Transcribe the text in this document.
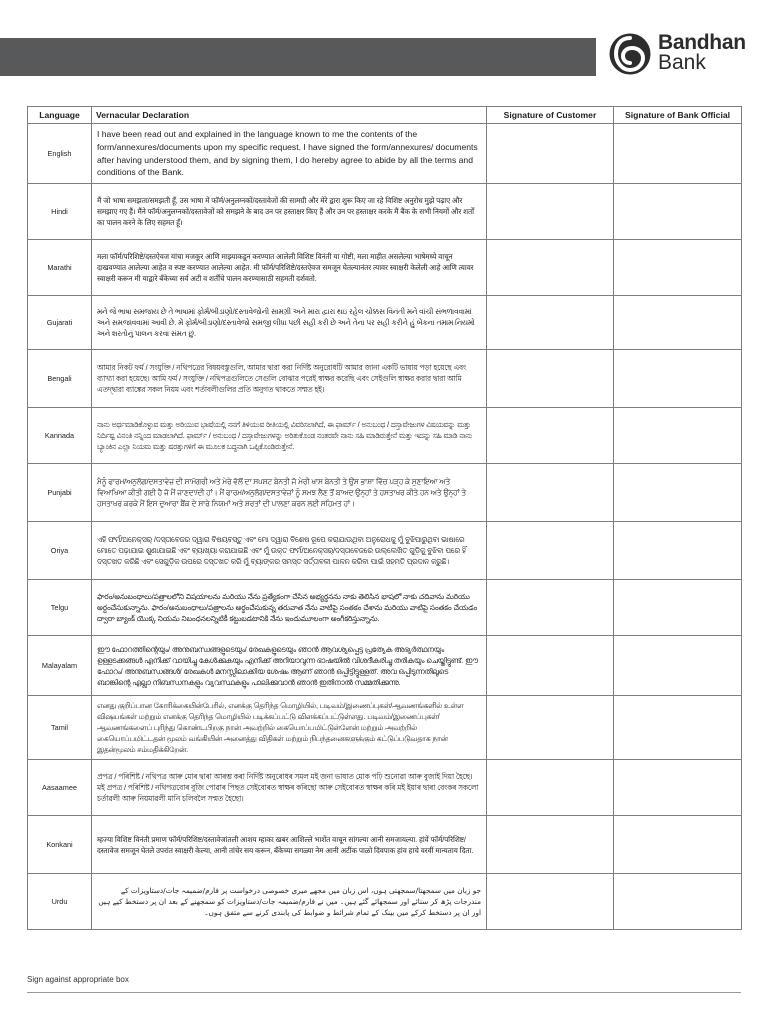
Bandhan
Bank
Language	Vernacular Declaration	Signature of Customer	Signature of Bank Official
English	I have been read out and explained in the language known to me the contents of the form/annexures/documents upon my specific request. I have signed the form/annexures/ documents after having understood them, and by signing them, I do hereby agree to abide by all the terms and conditions of the Bank.		
Hindi	मैं जो भाषा समझता/समझती हूँ, उस भाषा में फॉर्म/अनुलग्नकों/दस्तावेजों की सामग्री और मेरे द्वारा शुरू किए जा रहे विशिष्ट अनुरोध मुझे पढ़ाए और समझाए गए हैं। मैंने फॉर्म/अनुलग्नकों/दस्तावेजों को समझने के बाद उन पर हस्ताक्षर किए हैं और उन पर हस्ताक्षर करके मैं बैंक के सभी नियमों और शर्तों का पालन करने के लिए सहमत हूँ।		
Marathi	मला फॉर्म/परिशिष्टे/दस्तऐवज यांचा मजकूर आणि माझ्याकडून करण्यात आलेली विशिष्ट विनंती या गोष्टी, मला माहीत असलेल्या भाषेमध्ये वाचून दाखवण्यात आलेल्या आहेत व स्पष्ट करण्यात आलेल्या आहेत. मी फॉर्म/परिशिष्टे/दस्तऐवज समजून घेतल्यानंतर त्यावर स्वाक्षरी केलेली आहे आणि त्यावर स्वाक्षरी करून मी याद्वारे बँकेच्या सर्व अटी व शर्तींचे पालन करण्यासाठी सहमती दर्शवतो.		
Gujarati	મને જે ભાષા સમજાય છે તે ભાષામાં ફોર્મ/બીડાણો/દસ્તાવેજોની સામગ્રી અને મારા દ્વારા થઇ રહેલ ચોક્કસ વિનંતી મને વાંચી સંભળાવવામાં અને સમજાવવામાં આવી છે. મેં ફોર્મ/બીડાણો/દસ્તાવેજો સમજી લીધા પછી સહી કરી છે અને તેના પર સહી કરીને હું બેંકના તમામ નિયમો અને શરતોનું પાલન કરવા સંમત છું.		
Bengali	আমার নিকট ফর্ম / সংযুক্তি / নথিপত্রের বিষয়বস্তুগুলি, আমার দ্বারা করা নির্দিষ্ট অনুরোধটি আমার জানা একটি ভাষায় পড়া হয়েছে এবং ব্যাখ্যা করা হয়েছে। আমি ফর্ম / সংযুক্তি / নথিপত্রগুলিতে সেগুলি বোঝার পরেই স্বাক্ষর করেছি এবং সেইগুলি স্বাক্ষর করার দ্বারা আমি এতদ্দ্বারা ব্যাঙ্কের সকল নিয়ম এবং শর্তাবলীগুলির প্রতি অনুগত থাকতে সম্মত হই।		
Kannada	ನಾನು ಅರ್ಥಮಾಡಿಕೊಳ್ಳುವ ಮತ್ತು ಅರಿಯುವ ಭಾಷೆಯಲ್ಲಿ ನನಗೆ ತಿಳಿಯುವ ರೀತಿಯಲ್ಲಿ ವಿವರಿಸಲಾಗಿದೆ, ಈ ಫಾರ್ಮ್‌ / ಅನುಬಂಧ / ದಸ್ತಾವೇಜುಗಳ ವಿಷಯವನ್ನು ಮತ್ತು ನಿರ್ದಿಷ್ಟ ವಿನಂತಿ ನನ್ನಿಂದ ಮಾಡಲಾಗಿದೆ. ಫಾರ್ಮ್‌ / ಅನುಬಂಧ / ದಸ್ತಾವೇಜುಗಳನ್ನು ಅರಿತುಕೊಂಡ ನಂತರವೇ ನಾನು ಸಹಿ ಮಾಡಿರುತ್ತೇನೆ ಮತ್ತು ಇದನ್ನು ಸಹಿ ಮಾಡಿ ನಾನು ಬ್ಯಾಂಕಿನ ಎಲ್ಲಾ ನಿಯಮ ಮತ್ತು ಷರತ್ತುಗಳಿಗೆ ಈ ಮೂಲಕ ಬದ್ಧನಾಗಿ ಒಪ್ಪಿಕೊಂಡಿರುತ್ತೇನೆ.		
Punjabi	ਮੈਨੂੰ ਫਾਰਮ/ਅਨੁਲੱਗ/ਦਸਤਾਵੇਜ਼ ਦੀ ਸਾਮੱਗਰੀ ਅਤੇ ਮੇਰੇ ਵੱਲੋਂ ਦਾ ਸਪਸ਼ਟ ਬੇਨਤੀ ਜੋ ਮੇਰੀ ਖਾਸ ਬੇਨਤੀ ਤੇ ਉਸ ਭਾਸ਼ਾ ਵਿੱਚ ਪੜ੍ਹ ਕੇ ਸੁਣਾਇਆ ਅਤੇ ਵਿਆਖਿਆ ਕੀਤੀ ਗਈ ਹੈ ਜੋ ਮੈਂ ਜਾਣਦਾ/ਦੀ ਹਾਂ। ਮੈਂ ਫਾਰਮ/ਅਨੁਲੱਗ/ਦਸਤਾਵੇਜ਼ਾਂ ਨੂੰ ਸਮਝ ਲੈਣ ਤੋਂ ਬਾਅਦ ਉਨ੍ਹਾਂ ਤੇ ਹਸਤਾਖਰ ਕੀਤੇ ਹਨ ਅਤੇ ਉਨ੍ਹਾਂ ਤੇ ਹਸਤਾਖਰ ਕਰਕੇ ਮੈਂ ਇਸ ਦੁਆਰਾ ਬੈਂਕ ਦੇ ਸਾਰੇ ਨਿਯਮਾਂ ਅਤੇ ਸ਼ਰਤਾਂ ਦੀ ਪਾਲਣਾ ਕਰਨ ਲਈ ਸਹਿਮਤ ਹਾਂ।		
Oriya	ଏହି ଫର୍ମ/ଅନେକ୍ସର୍ /ଦସ୍ତାବେଜର ଦ୍ୱାରା ବିଷୟବସ୍ତୁ ଏବଂ ମୋ ଦ୍ୱାରା ବିଶେଷ ରୂପେ କରାଯାଉଥିବା ଅନୁରୋଧକୁ ମୁଁ ବୁଝିପାରୁଥିବା ଭାଷାରେ ମୋତେ ପଢ଼ାଯାଇ ଶୁଣାଯାଇଛି ଏବଂ ବ୍ୟାଖ୍ୟା କରାଯାଇଛି ଏବଂ ମୁଁ ଉକ୍ତ ଫର୍ମ/ଅନେକ୍ସର୍/ଦସ୍ତାବେଜରେ ଉଲ୍ଲେଖିତ ଗୁଡ଼ିକୁ ବୁଝିବା ପରେ ହିଁ ଦସ୍ତଖତ କରିଛି ଏବଂ ସେଗୁଡ଼ିକ ଉପରେ ଦସ୍ତଖତ କରି ମୁଁ ବ୍ୟାଙ୍କର ସମସ୍ତ ସର୍ତ୍ତାବଳୀ ପାଳନ କରିବା ପାଇଁ ସହମତି ପ୍ରଦାନ କରୁଛି।		
Telgu	ఫారం/అనుబంధాలు/పత్రాలలోని విషయాలను మరియు నేను ప్రత్యేకంగా చేసిన అభ్యర్థనను నాకు తెలిసిన భాషలో నాకు చదివాను మరియు అర్థంచేసుకున్నాను. ఫారం/అనుబంధాలు/పత్రాలను అర్థంచేసుకున్న తరువాత నేను వాటిపై సంతకం చేశాను మరియు వాటిపై సంతకం చేయడం ద్వారా బ్యాంక్ యొక్క నియమ నిబంధనలన్నిటికీ కట్టుబడటానికి నేను ఇందుమూలంగా అంగీకరిస్తున్నాను.		
Malayalam	ഈ ഫോറത്തിന്റെയും/ അനുബന്ധങ്ങളുടെയും/ രേഖകളുടെയും ഞാൻ ആവശ്യപ്പെട്ട പ്രത്യേക അഭ്യർത്ഥനയും ഉള്ളടക്കങ്ങൾ എനിക്ക് വായിച്ചു കേൾക്കുകയും എനിക്ക് അറിയാവുന്ന ഭാഷയിൽ വിശദീകരിച്ചു തരികയും ചെയ്തിട്ടുണ്ട്. ഈ ഫോറം/ അനുബന്ധങ്ങൾ/ രേഖകൾ മനസ്സിലാക്കിയ ശേഷം ആണ് ഞാൻ ഒപ്പിട്ടിട്ടുള്ളത്. അവ ഒപ്പിടുന്നതിലൂടെ ബാങ്കിന്റെ എല്ലാ നിബന്ധനകളും വ്യവസ്ഥകളും പാലിക്കുവാൻ ഞാൻ ഇതിനാൽ സമ്മതിക്കുന്നു.		
Tamil	எனது குறிப்பான கோரிக்கையின்பேரில், எனக்கு தெரிந்த மொழியில், படிவம்/இணைப்புகள்/ஆவணங்களில் உள்ள விஷயங்கள் மற்றும் எனக்கு தெரிந்த மொழியில் படிக்கப்பட்டு விளக்கப்பட்டுள்ளது. படிவம்/இணைப்புகள்/ஆவணங்களைப் புரிந்து கொண்டபிறகு நான் அவற்றில் கையொப்பமிட்டுள்ளேன் மற்றும் அவற்றில் கையொப்பமிட்டதன் மூலம் வங்கியின் அனைத்து விதிகள் மற்றும் நிபந்தனைகளுக்கும் கட்டுப்படுவதாக நான் இதன்மூலம் சம்மதிக்கிறேன்.		
Aasaamee	প্ৰপত্ৰ / পৰিশিষ্ট / নথিপত্ৰ আৰু মোৰ দ্বাৰা আৰম্ভ কৰা নিৰ্দিষ্ট অনুৰোধৰ সমল মই জনা ভাষাত মোক পঢ়ি শুনোৱা আৰু বুজাই দিয়া হৈছে। মই প্ৰপত্ৰ / পৰিশিষ্ট / নথিপত্ৰবোৰ বুজি পোৱাৰ পিছত সেইবোৰত স্বাক্ষৰ কৰিছো আৰু সেইবোৰত স্বাক্ষৰ কৰি মই ইয়াৰ দ্বাৰা বেংকৰ সকলো চৰ্তাৱলী আৰু নিয়মাৱলী মানি চলিবলৈ সন্মত হৈছো।		
Konkani	म्हज्या विशिष्ट विनंती प्रमाण फॉर्म/परिशिष्ट/दस्तावेजांतली आशय म्हाका खबर आशिल्ले भाशेंत वाचून सांगल्या आनी समजायल्या. हांवें फॉर्म/परिशिष्ट/दस्तावेज समजून घेतले उपरांत स्वाक्षरी केल्या, आनी तांचेर सय करून, बँकेच्या सगळ्या नेम आनी अटींक पाळो दिवपाक हांव हाचे वरवीं मान्यताय दिता.		
Urdu	جو زبان میں سمجھتا/سمجھتی ہوں، اس زبان میں مجھے میری خصوصی درخواست پر فارم/ضمیمہ جات/دستاویزات کے مندرجات پڑھ کر سنائے اور سمجھائے گئے ہیں۔ میں نے فارم/ضمیمہ جات/دستاویزات کو سمجھنے کے بعد ان پر دستخط کیے ہیں اور ان پر دستخط کرکے میں بینک کے تمام شرائط و ضوابط کی پابندی کرنے سے متفق ہوں۔		
Sign against appropriate box
